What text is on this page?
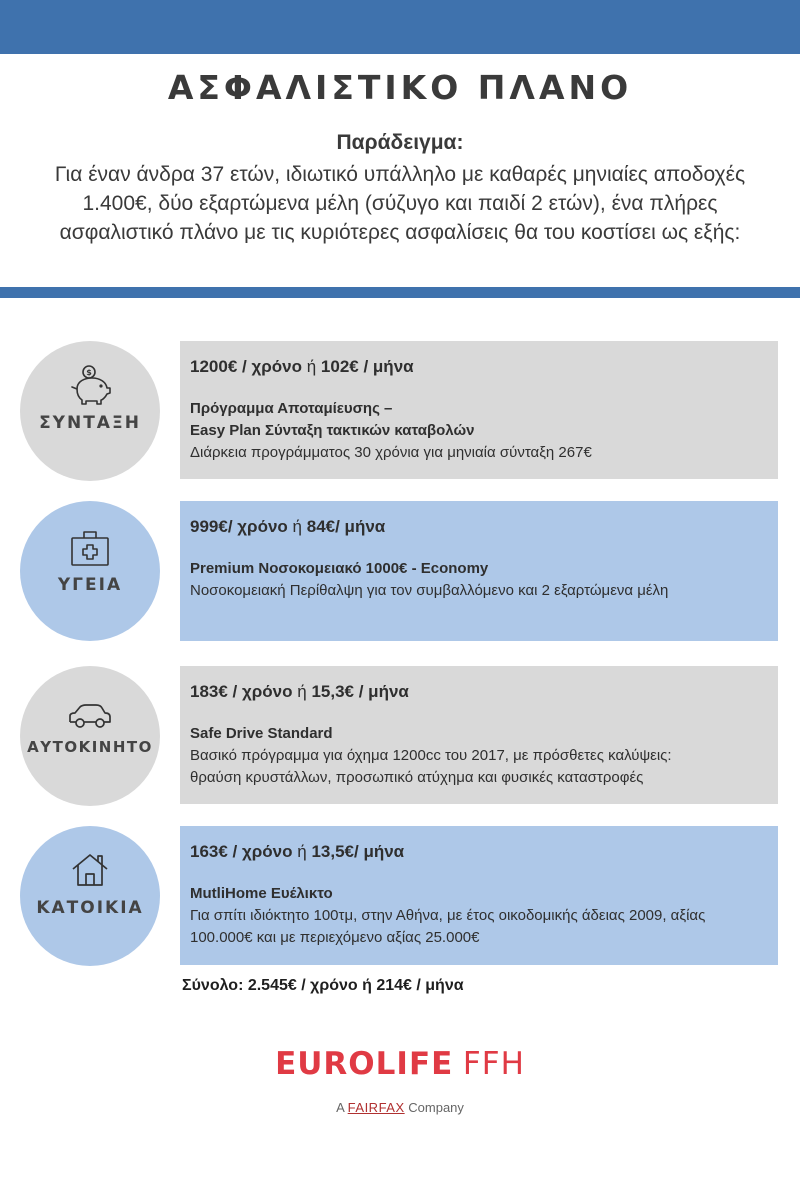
ΑΣΦΑΛΙΣΤΙΚΟ ΠΛΑΝΟ
Παράδειγμα:
Για έναν άνδρα 37 ετών, ιδιωτικό υπάλληλο με καθαρές μηνιαίες αποδοχές
1.400€, δύο εξαρτώμενα μέλη (σύζυγο και παιδί 2 ετών), ένα πλήρες
ασφαλιστικό πλάνο με τις κυριότερες ασφαλίσεις θα του κοστίσει ως εξής:
$
ΣΥΝΤΑΞΗ
1200€ / χρόνο ή 102€ / μήνα
Πρόγραμμα Αποταμίευσης –
Easy Plan Σύνταξη τακτικών καταβολών
Διάρκεια προγράμματος 30 χρόνια για μηνιαία σύνταξη 267€
ΥΓΕΙΑ
999€/ χρόνο ή 84€/ μήνα
Premium Νοσοκομειακό 1000€ - Economy
Νοσοκομειακή Περίθαλψη για τον συμβαλλόμενο και 2 εξαρτώμενα μέλη
ΑΥΤΟΚΙΝΗΤΟ
183€ / χρόνο ή 15,3€ / μήνα
Safe Drive Standard
Βασικό πρόγραμμα για όχημα 1200cc του 2017, με πρόσθετες καλύψεις:
θραύση κρυστάλλων, προσωπικό ατύχημα και φυσικές καταστροφές
ΚΑΤΟΙΚΙΑ
163€ / χρόνο ή 13,5€/ μήνα
MutliHome Ευέλικτο
Για σπίτι ιδιόκτητο 100τμ, στην Αθήνα, με έτος οικοδομικής άδειας 2009, αξίας
100.000€ και με περιεχόμενο αξίας 25.000€
Σύνολο: 2.545€ / χρόνο ή 214€ / μήνα
EUROLIFE FFH
A FAIRFAX Company
